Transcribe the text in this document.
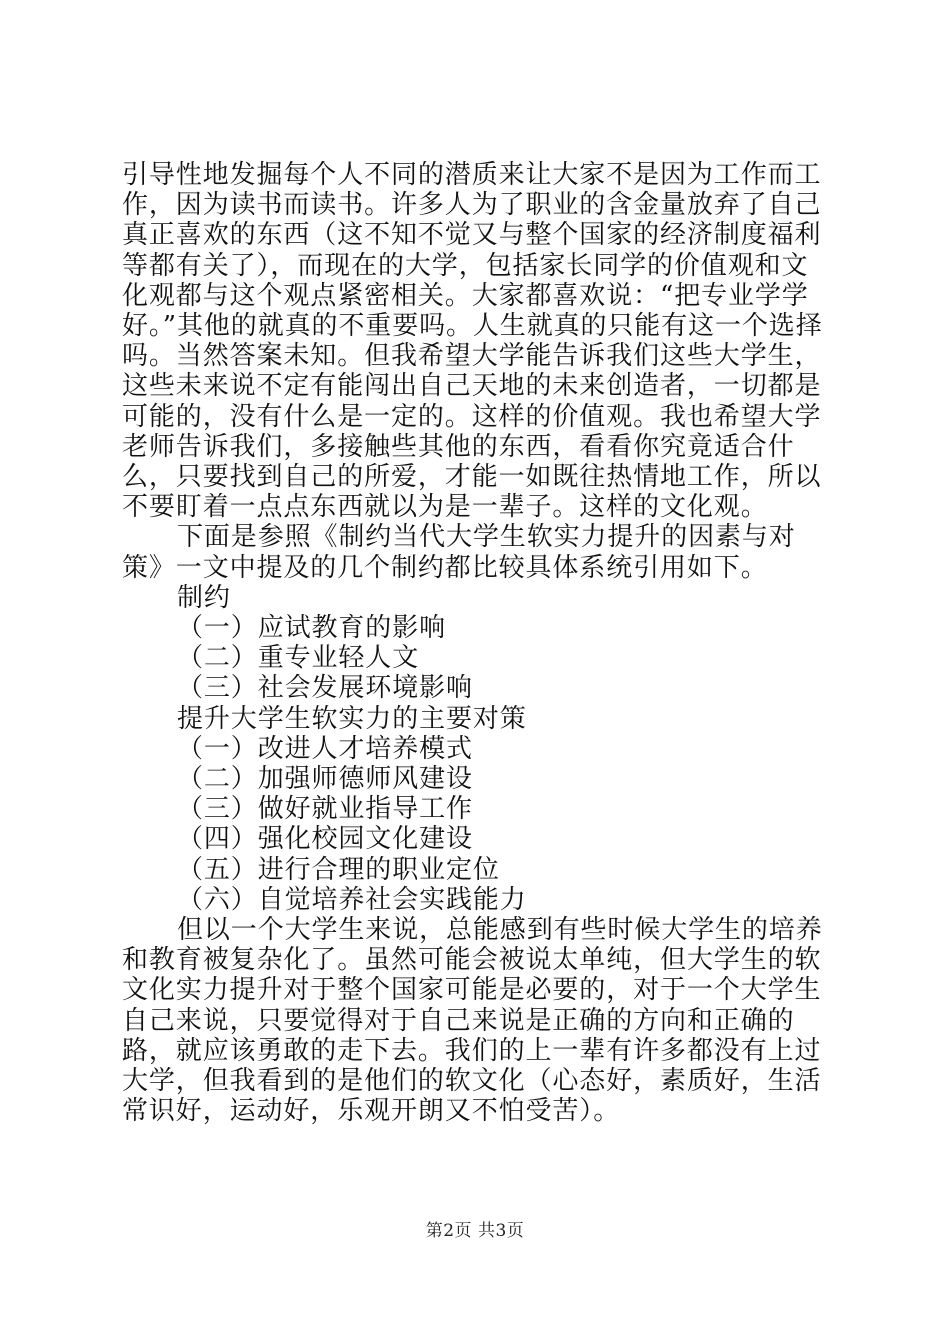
引导性地发掘每个人不同的潜质来让大家不是因为工作而工作，因为读书而读书。许多人为了职业的含金量放弃了自己真正喜欢的东西（这不知不觉又与整个国家的经济制度福利等都有关了），而现在的大学，包括家长同学的价值观和文化观都与这个观点紧密相关。大家都喜欢说：“把专业学学好。”其他的就真的不重要吗。人生就真的只能有这一个选择吗。当然答案未知。但我希望大学能告诉我们这些大学生，这些未来说不定有能闯出自己天地的未来创造者，一切都是可能的，没有什么是一定的。这样的价值观。我也希望大学老师告诉我们，多接触些其他的东西，看看你究竟适合什么，只要找到自己的所爱，才能一如既往热情地工作，所以不要盯着一点点东西就以为是一辈子。这样的文化观。

下面是参照《制约当代大学生软实力提升的因素与对策》一文中提及的几个制约都比较具体系统引用如下。

制约

（一）应试教育的影响

（二）重专业轻人文

（三）社会发展环境影响

提升大学生软实力的主要对策

（一）改进人才培养模式

（二）加强师德师风建设

（三）做好就业指导工作

（四）强化校园文化建设

（五）进行合理的职业定位

（六）自觉培养社会实践能力

但以一个大学生来说，总能感到有些时候大学生的培养和教育被复杂化了。虽然可能会被说太单纯，但大学生的软文化实力提升对于整个国家可能是必要的，对于一个大学生自己来说，只要觉得对于自己来说是正确的方向和正确的路，就应该勇敢的走下去。我们的上一辈有许多都没有上过大学，但我看到的是他们的软文化（心态好，素质好，生活常识好，运动好，乐观开朗又不怕受苦）。

第2页 共3页
